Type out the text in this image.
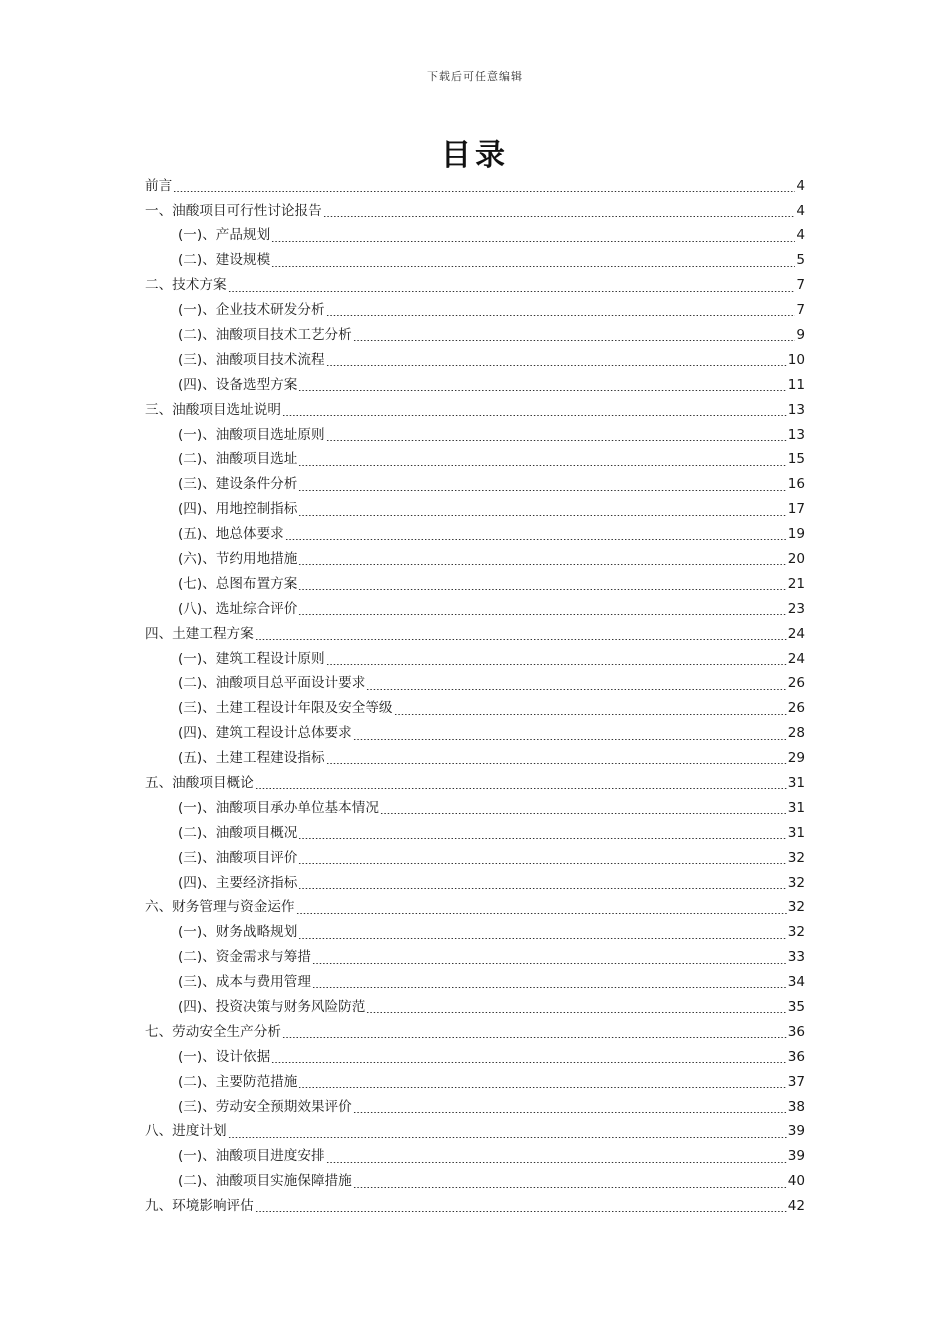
下载后可任意编辑
目录
前言	4
一、油酸项目可行性讨论报告	4
(一)、产品规划	4
(二)、建设规模	5
二、技术方案	7
(一)、企业技术研发分析	7
(二)、油酸项目技术工艺分析	9
(三)、油酸项目技术流程	10
(四)、设备选型方案	11
三、油酸项目选址说明	13
(一)、油酸项目选址原则	13
(二)、油酸项目选址	15
(三)、建设条件分析	16
(四)、用地控制指标	17
(五)、地总体要求	19
(六)、节约用地措施	20
(七)、总图布置方案	21
(八)、选址综合评价	23
四、土建工程方案	24
(一)、建筑工程设计原则	24
(二)、油酸项目总平面设计要求	26
(三)、土建工程设计年限及安全等级	26
(四)、建筑工程设计总体要求	28
(五)、土建工程建设指标	29
五、油酸项目概论	31
(一)、油酸项目承办单位基本情况	31
(二)、油酸项目概况	31
(三)、油酸项目评价	32
(四)、主要经济指标	32
六、财务管理与资金运作	32
(一)、财务战略规划	32
(二)、资金需求与筹措	33
(三)、成本与费用管理	34
(四)、投资决策与财务风险防范	35
七、劳动安全生产分析	36
(一)、设计依据	36
(二)、主要防范措施	37
(三)、劳动安全预期效果评价	38
八、进度计划	39
(一)、油酸项目进度安排	39
(二)、油酸项目实施保障措施	40
九、环境影响评估	42
